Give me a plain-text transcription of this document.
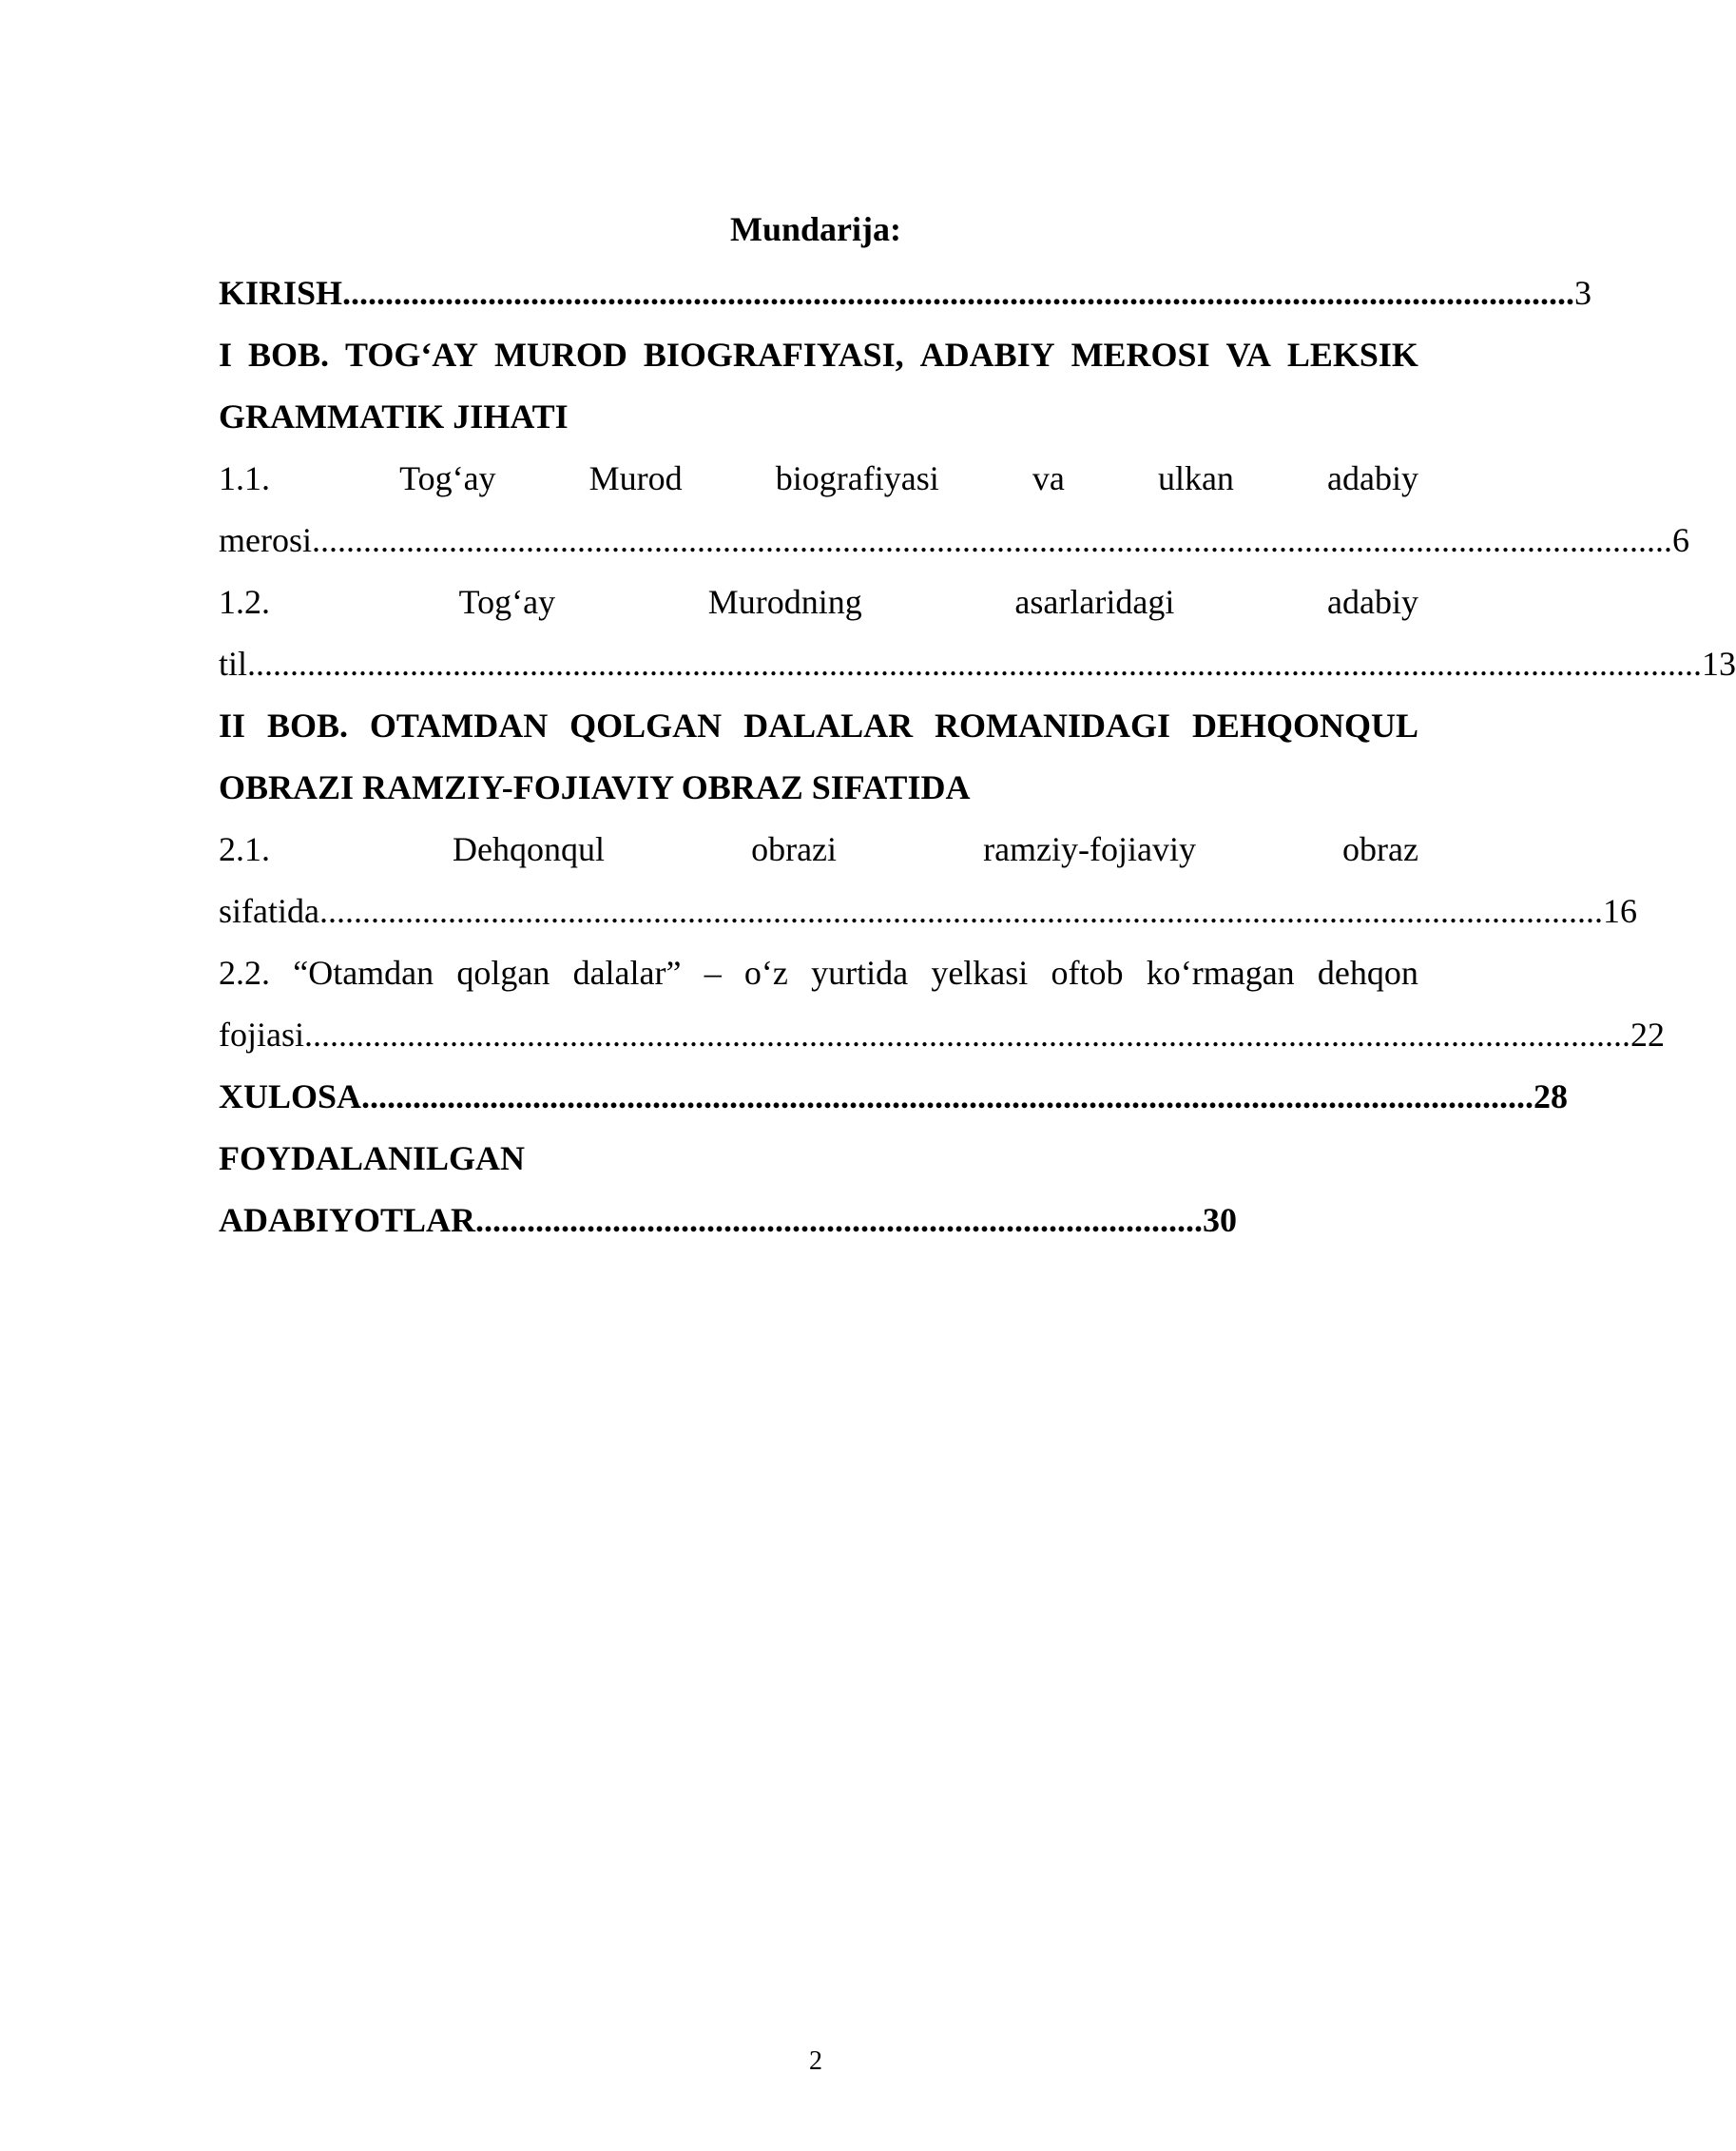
Mundarija:
KIRISH................................................................................................................................................3
I BOB. TOG‘AY MUROD BIOGRAFIYASI, ADABIY MEROSI VA LEKSIK
GRAMMATIK JIHATI
1.1.	Tog‘ay	Murod	biografiyasi	va	ulkan	adabiy
merosi...............................................................................................................................................................6
1.2.	Tog‘ay	Murodning	asarlaridagi	adabiy
til..........................................................................................................................................................................13
II BOB. OTAMDAN QOLGAN DALALAR ROMANIDAGI DEHQONQUL
OBRAZI RAMZIY-FOJIAVIY OBRAZ SIFATIDA
2.1.	Dehqonqul	obrazi	ramziy-fojiaviy	obraz
sifatida......................................................................................................................................................16
2.2. “Otamdan qolgan dalalar” – o‘z yurtida yelkasi oftob ko‘rmagan dehqon
fojiasi...........................................................................................................................................................22
XULOSA.........................................................................................................................................28
FOYDALANILGAN
ADABIYOTLAR.....................................................................................30
2
